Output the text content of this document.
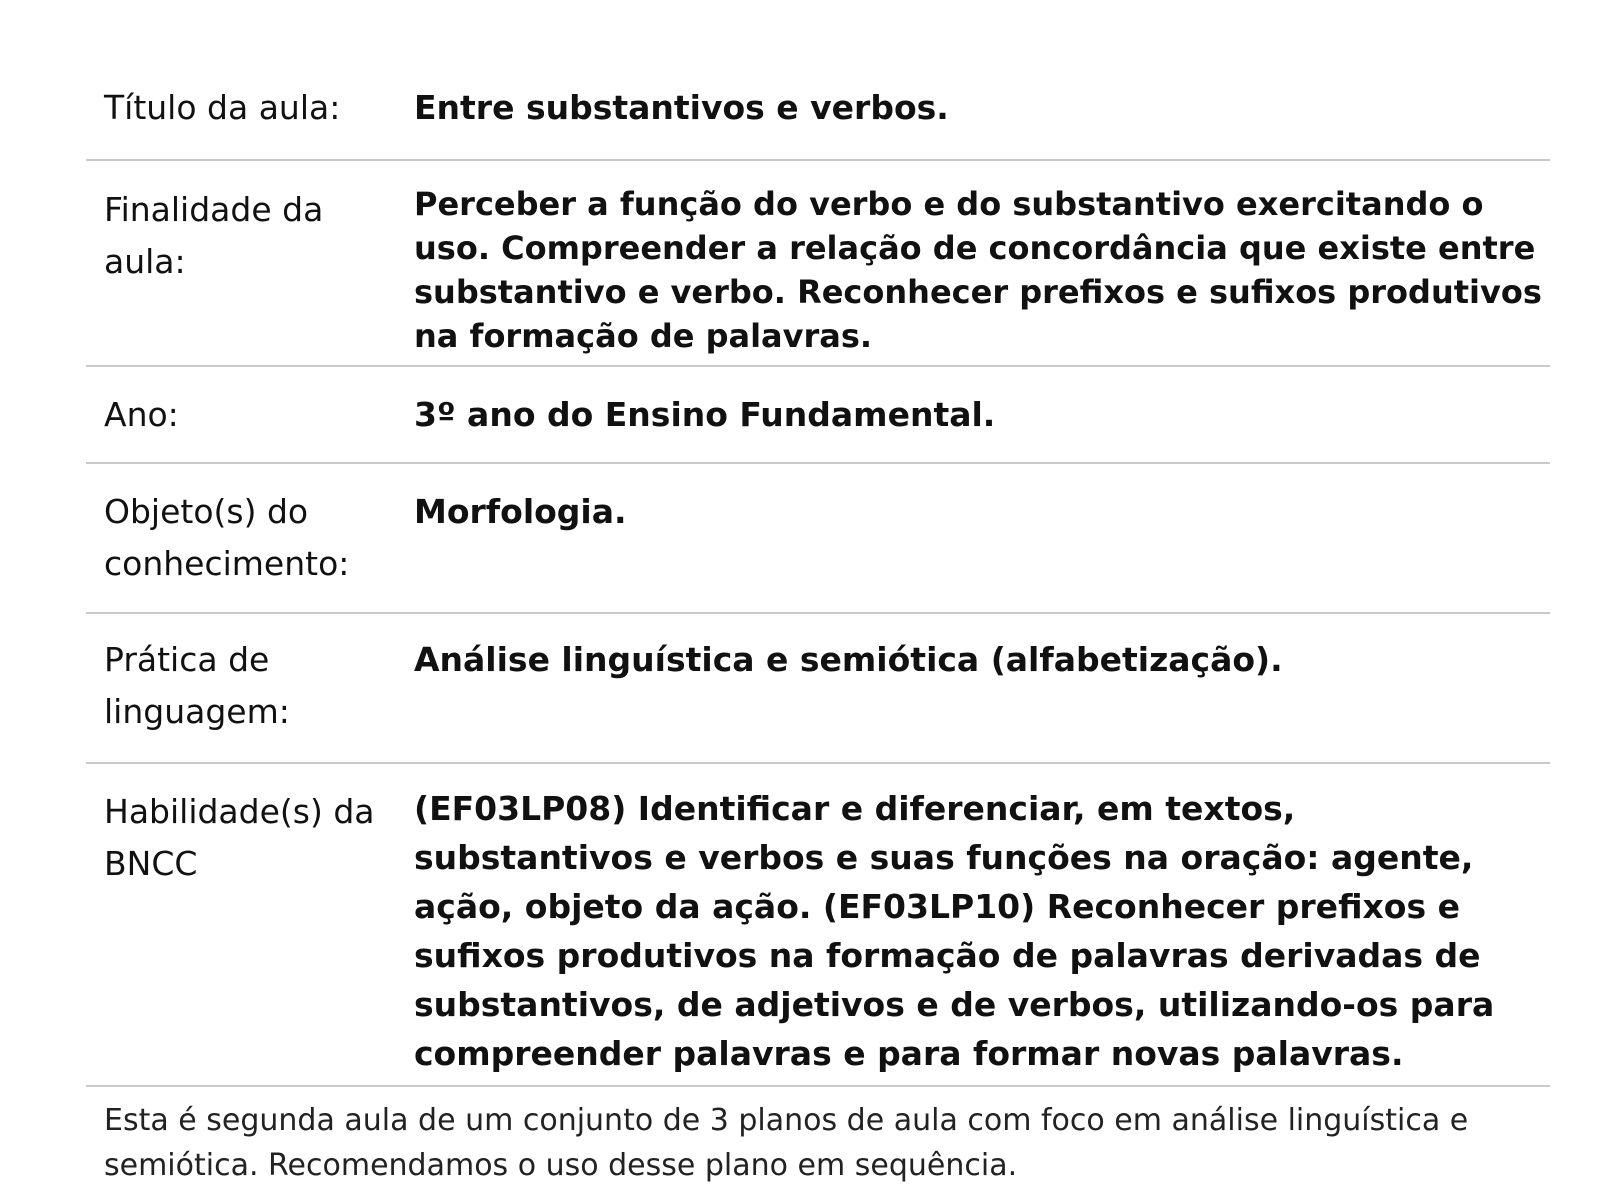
Título da aula:	Entre substantivos e verbos.
Finalidade da aula:
Perceber a função do verbo e do substantivo exercitando o uso. Compreender a relação de concordância que existe entre substantivo e verbo. Reconhecer prefixos e sufixos produtivos na formação de palavras.
Ano:	3º ano do Ensino Fundamental.
Objeto(s) do conhecimento:
Morfologia.
Prática de linguagem:
Análise linguística e semiótica (alfabetização).
Habilidade(s) da BNCC
(EF03LP08) Identificar e diferenciar, em textos, substantivos e verbos e suas funções na oração: agente, ação, objeto da ação. (EF03LP10) Reconhecer prefixos e sufixos produtivos na formação de palavras derivadas de substantivos, de adjetivos e de verbos, utilizando-os para compreender palavras e para formar novas palavras.
Esta é segunda aula de um conjunto de 3 planos de aula com foco em análise linguística e semiótica. Recomendamos o uso desse plano em sequência.
